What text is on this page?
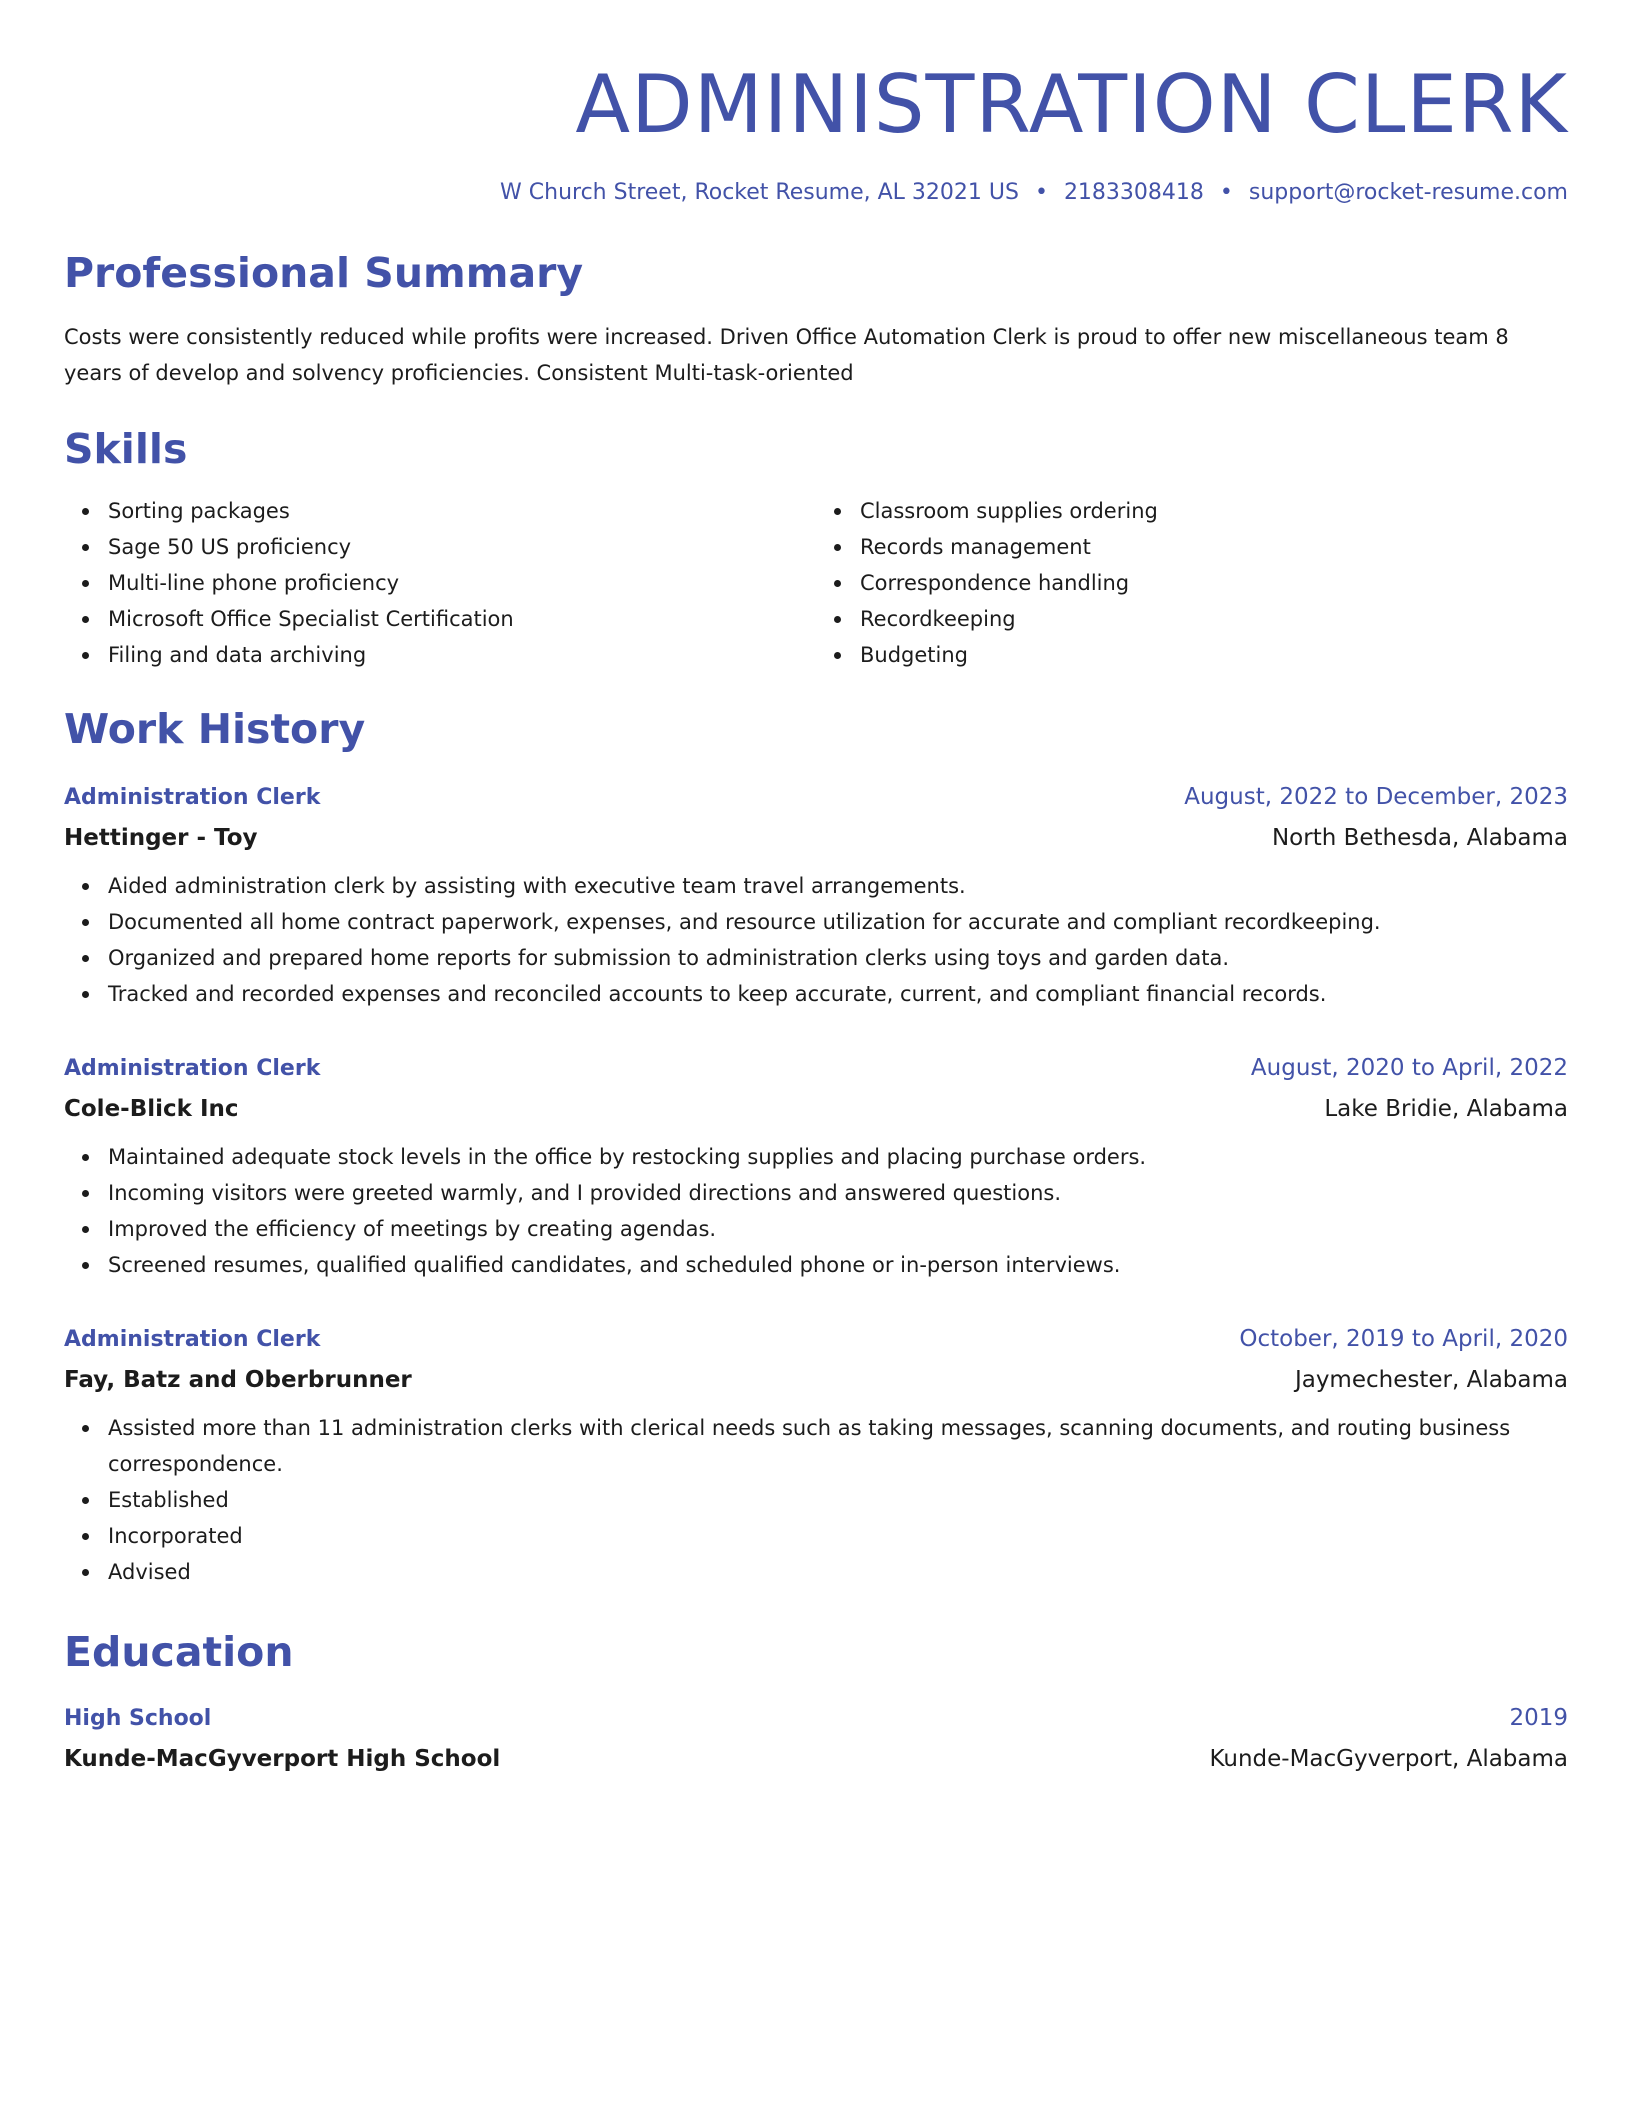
ADMINISTRATION CLERK
W Church Street, Rocket Resume, AL 32021 US • 2183308418 • support@rocket-resume.com
Professional Summary
Costs were consistently reduced while profits were increased. Driven Office Automation Clerk is proud to offer new miscellaneous team 8 years of develop and solvency proficiencies. Consistent Multi-task-oriented
Skills
Sorting packages
Sage 50 US proficiency
Multi-line phone proficiency
Microsoft Office Specialist Certification
Filing and data archiving
Classroom supplies ordering
Records management
Correspondence handling
Recordkeeping
Budgeting
Work History
Administration Clerk	August, 2022 to December, 2023
Hettinger - Toy	North Bethesda, Alabama
Aided administration clerk by assisting with executive team travel arrangements.
Documented all home contract paperwork, expenses, and resource utilization for accurate and compliant recordkeeping.
Organized and prepared home reports for submission to administration clerks using toys and garden data.
Tracked and recorded expenses and reconciled accounts to keep accurate, current, and compliant financial records.
Administration Clerk	August, 2020 to April, 2022
Cole-Blick Inc	Lake Bridie, Alabama
Maintained adequate stock levels in the office by restocking supplies and placing purchase orders.
Incoming visitors were greeted warmly, and I provided directions and answered questions.
Improved the efficiency of meetings by creating agendas.
Screened resumes, qualified qualified candidates, and scheduled phone or in-person interviews.
Administration Clerk	October, 2019 to April, 2020
Fay, Batz and Oberbrunner	Jaymechester, Alabama
Assisted more than 11 administration clerks with clerical needs such as taking messages, scanning documents, and routing business correspondence.
Established
Incorporated
Advised
Education
High School	2019
Kunde-MacGyverport High School	Kunde-MacGyverport, Alabama
